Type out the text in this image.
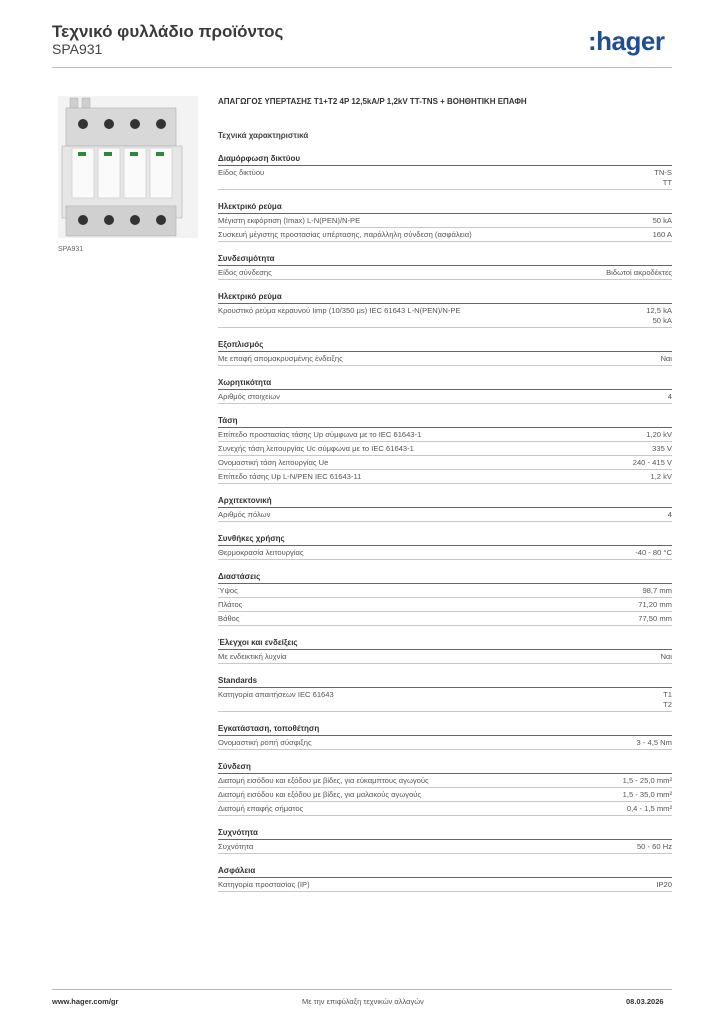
Τεχνικό φυλλάδιο προϊόντος
SPA931	:hager
SPA931
ΑΠΑΓΩΓΟΣ ΥΠΕΡΤΑΣΗΣ T1+T2 4P 12,5kA/P 1,2kV TT-TNS + ΒΟΗΘΗΤΙΚΗ ΕΠΑΦΗ
Τεχνικά χαρακτηριστικά
Διαμόρφωση δικτύου
Είδος δικτύου	TN-S
TT
Ηλεκτρικό ρεύμα
Μέγιστη εκφόρτιση (Imax) L-N(PEN)/N-PE	50 kA
Συσκευή μέγιστης προστασίας υπέρτασης, παράλληλη σύνδεση (ασφάλεια)	160 A
Συνδεσιμότητα
Είδος σύνδεσης	Βιδωτοί ακροδέκτες
Ηλεκτρικό ρεύμα
Κρουστικό ρεύμα κεραυνού Iimp (10/350 μs) IEC 61643 L-N(PEN)/N-PE	12,5 kA
50 kA
Εξοπλισμός
Με επαφή απομακρυσμένης ένδειξης	Ναι
Χωρητικότητα
Αριθμός στοιχείων	4
Τάση
Επίπεδο προστασίας τάσης Up σύμφωνα με το IEC 61643-1	1,20 kV
Συνεχής τάση λειτουργίας Uc σύμφωνα με το IEC 61643-1	335 V
Ονομαστική τάση λειτουργίας Ue	240 - 415 V
Επίπεδο τάσης Up L-N/PEN IEC 61643-11	1,2 kV
Αρχιτεκτονική
Αριθμός πόλων	4
Συνθήκες χρήσης
Θερμοκρασία λειτουργίας	-40 - 80 °C
Διαστάσεις
Ύψος	98,7 mm
Πλάτος	71,20 mm
Βάθος	77,50 mm
Έλεγχοι και ενδείξεις
Με ενδεικτική λυχνία	Ναι
Standards
Κατηγορία απαιτήσεων IEC 61643	T1
T2
Εγκατάσταση, τοποθέτηση
Ονομαστική ροπή σύσφιξης	3 - 4,5 Nm
Σύνδεση
Διατομή εισόδου και εξόδου με βίδες, για εύκαμπτους αγωγούς	1,5 - 25,0 mm²
Διατομή εισόδου και εξόδου με βίδες, για μαλακούς αγωγούς	1,5 - 35,0 mm²
Διατομή επαφής σήματος	0,4 - 1,5 mm²
Συχνότητα
Συχνότητα	50 - 60 Hz
Ασφάλεια
Κατηγορία προστασίας (IP)	IP20
www.hager.com/gr	Με την επιφύλαξη τεχνικών αλλαγών	08.03.2026
